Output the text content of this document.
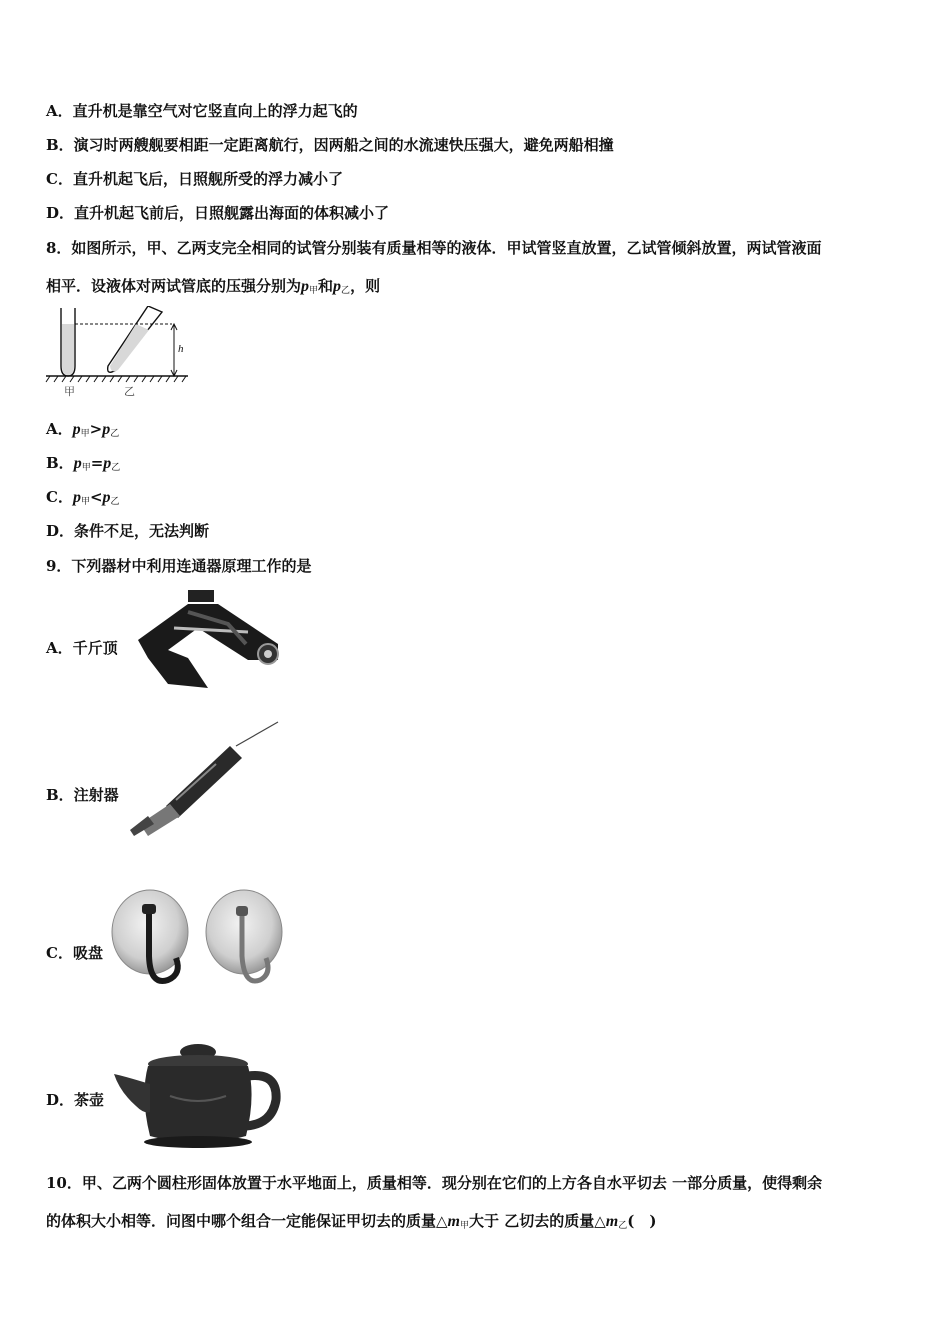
A．直升机是靠空气对它竖直向上的浮力起飞的
B．演习时两艘舰要相距一定距离航行，因两船之间的水流速快压强大，避免两船相撞
C．直升机起飞后，日照舰所受的浮力减小了
D．直升机起飞前后，日照舰露出海面的体积减小了
8．如图所示，甲、乙两支完全相同的试管分别装有质量相等的液体．甲试管竖直放置，乙试管倾斜放置，两试管液面
相平．设液体对两试管底的压强分别为$p_甲$和$p_乙$，则
h
甲	乙
A．$p_甲>p_乙$
B．$p_甲=p_乙$
C．$p_甲<p_乙$
D．条件不足，无法判断
9．下列器材中利用连通器原理工作的是
A．千斤顶
B．注射器
C．吸盘
D．茶壶
10．甲、乙两个圆柱形固体放置于水平地面上，质量相等．现分别在它们的上方各自水平切去 一部分质量，使得剩余
的体积大小相等．问图中哪个组合一定能保证甲切去的质量$\triangle m_甲$大于 乙切去的质量$\triangle m_乙$(　)
